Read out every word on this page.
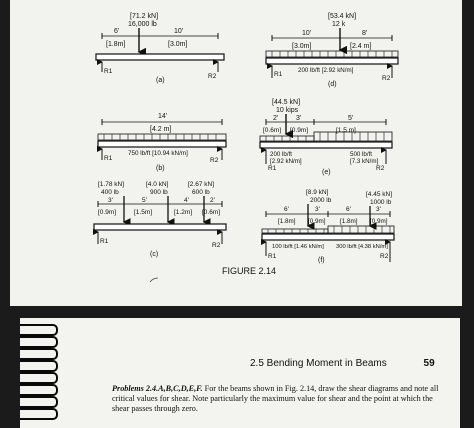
[71.2 kN]
16,000 lb
6'	10'
[1.8m]	[3.0m]
R1
R2
(a)
[53.4 kN]
12 k
10'	8'
[3.0m]	[2.4 m]
R1
200 lb/ft [2.92 kN/m]
R2
(d)
14'
[4.2 m]
R1
750 lb/ft [10.94 kN/m]
R2
(b)
[44.5 kN]
10 kips
2'	3'	5'
[0.6m] [0.9m]	[1.5 m]
200 lb/ft
[2.92 kN/m]
R1
500 lb/ft
[7.3 kN/m]
R2
(e)
[1.78 kN]
400 lb
[4.0 kN]
900 lb
[2.67 kN]
600 lb
3'	5'	4'	2'
[0.9m]	[1.5m]	[1.2m] [0.6m]
R1
R2
(c)
[8.9 kN]
2000 lb
[4.45 kN]
1000 lb
6'	3'	6'	3'
[1.8m] [0.9m] [1.8m] [0.9m]
100 lb/ft [1.46 kN/m] 300 lb/ft [4.38 kN/m]
R1	R2
(f)
FIGURE 2.14
2.5 Bending Moment in Beams	59
Problems 2.4.A,B,C,D,E,F. For the beams shown in Fig. 2.14, draw the shear diagrams and note all critical values for shear. Note particularly the maximum value for shear and the point at which the shear passes through zero.
